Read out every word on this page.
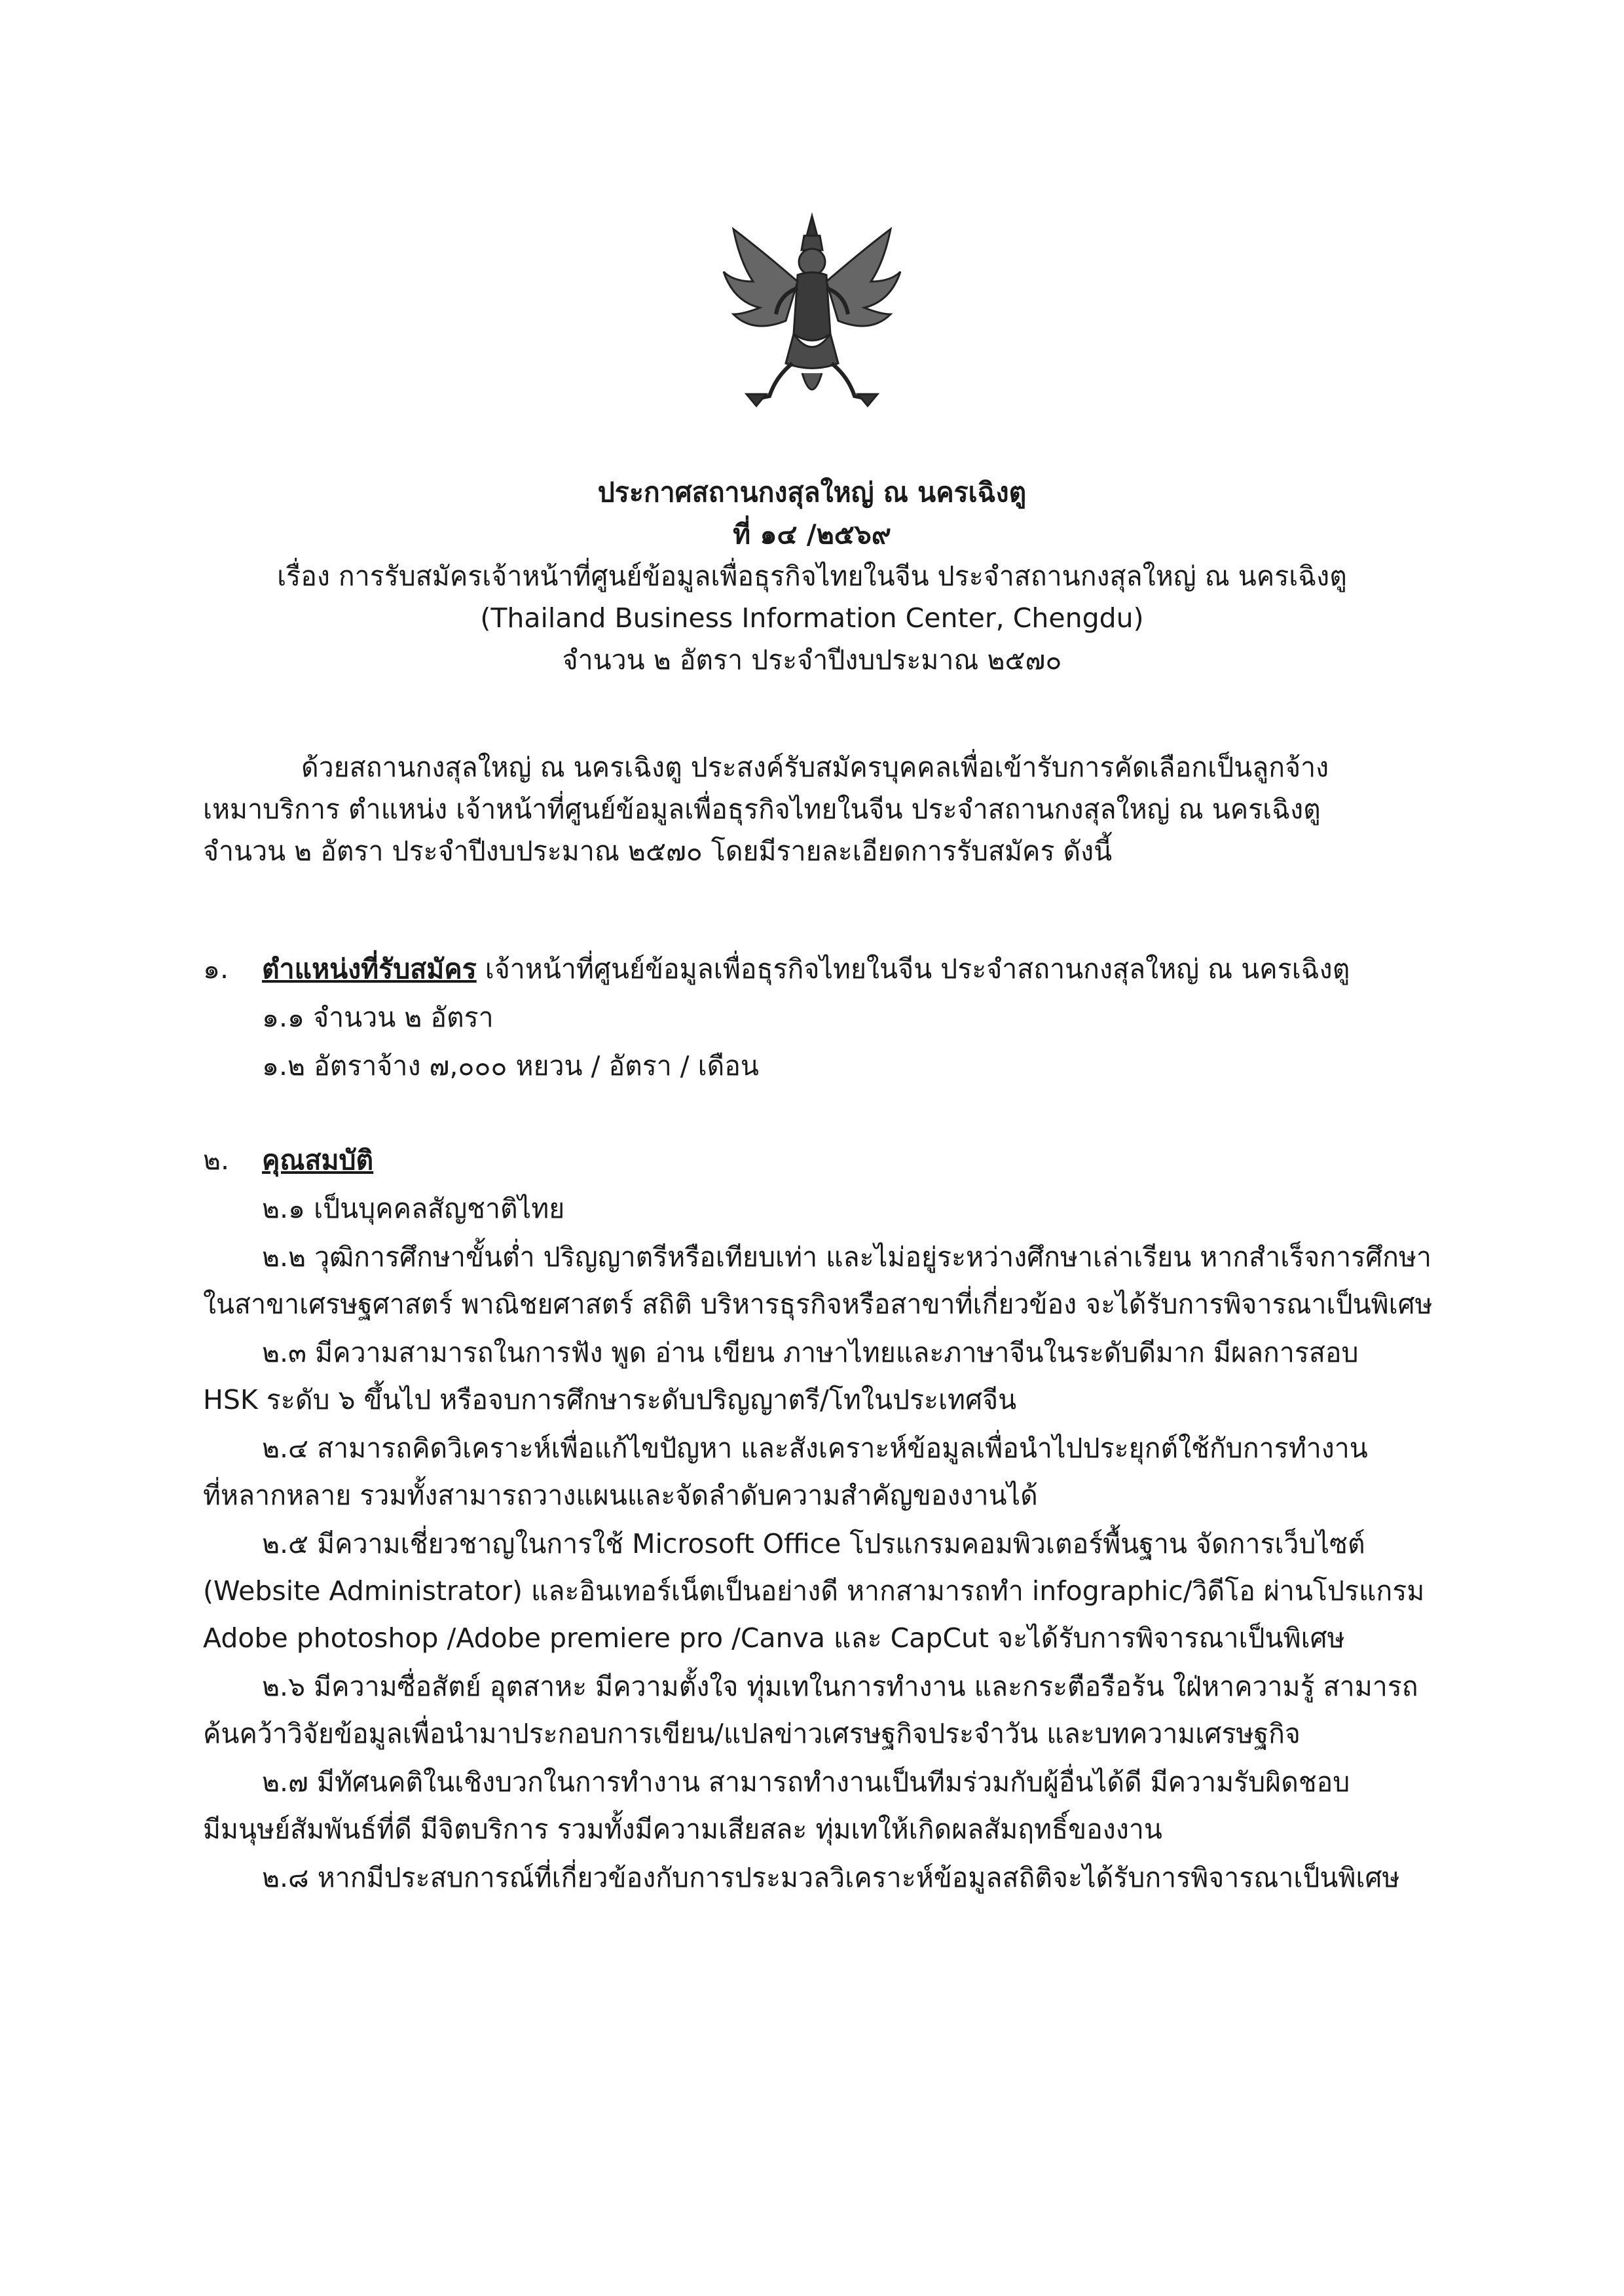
ประกาศสถานกงสุลใหญ่ ณ นครเฉิงตู
ที่ ๑๔ /๒๕๖๙
เรื่อง การรับสมัครเจ้าหน้าที่ศูนย์ข้อมูลเพื่อธุรกิจไทยในจีน ประจำสถานกงสุลใหญ่ ณ นครเฉิงตู
(Thailand Business Information Center, Chengdu)
จำนวน ๒ อัตรา ประจำปีงบประมาณ ๒๕๗๐
ด้วยสถานกงสุลใหญ่ ณ นครเฉิงตู ประสงค์รับสมัครบุคคลเพื่อเข้ารับการคัดเลือกเป็นลูกจ้าง
เหมาบริการ ตำแหน่ง เจ้าหน้าที่ศูนย์ข้อมูลเพื่อธุรกิจไทยในจีน ประจำสถานกงสุลใหญ่ ณ นครเฉิงตู
จำนวน ๒ อัตรา ประจำปีงบประมาณ ๒๕๗๐ โดยมีรายละเอียดการรับสมัคร ดังนี้
๑. ตำแหน่งที่รับสมัคร เจ้าหน้าที่ศูนย์ข้อมูลเพื่อธุรกิจไทยในจีน ประจำสถานกงสุลใหญ่ ณ นครเฉิงตู
๑.๑ จำนวน ๒ อัตรา
๑.๒ อัตราจ้าง ๗,๐๐๐ หยวน / อัตรา / เดือน
๒. คุณสมบัติ
๒.๑ เป็นบุคคลสัญชาติไทย
๒.๒ วุฒิการศึกษาขั้นต่ำ ปริญญาตรีหรือเทียบเท่า และไม่อยู่ระหว่างศึกษาเล่าเรียน หากสำเร็จการศึกษา
ในสาขาเศรษฐศาสตร์ พาณิชยศาสตร์ สถิติ บริหารธุรกิจหรือสาขาที่เกี่ยวข้อง จะได้รับการพิจารณาเป็นพิเศษ
๒.๓ มีความสามารถในการฟัง พูด อ่าน เขียน ภาษาไทยและภาษาจีนในระดับดีมาก มีผลการสอบ
HSK ระดับ ๖ ขึ้นไป หรือจบการศึกษาระดับปริญญาตรี/โทในประเทศจีน
๒.๔ สามารถคิดวิเคราะห์เพื่อแก้ไขปัญหา และสังเคราะห์ข้อมูลเพื่อนำไปประยุกต์ใช้กับการทำงาน
ที่หลากหลาย รวมทั้งสามารถวางแผนและจัดลำดับความสำคัญของงานได้
๒.๕ มีความเชี่ยวชาญในการใช้ Microsoft Office โปรแกรมคอมพิวเตอร์พื้นฐาน จัดการเว็บไซต์
(Website Administrator) และอินเทอร์เน็ตเป็นอย่างดี หากสามารถทำ infographic/วิดีโอ ผ่านโปรแกรม
Adobe photoshop /Adobe premiere pro /Canva และ CapCut จะได้รับการพิจารณาเป็นพิเศษ
๒.๖ มีความซื่อสัตย์ อุตสาหะ มีความตั้งใจ ทุ่มเทในการทำงาน และกระตือรือร้น ใฝ่หาความรู้ สามารถ
ค้นคว้าวิจัยข้อมูลเพื่อนำมาประกอบการเขียน/แปลข่าวเศรษฐกิจประจำวัน และบทความเศรษฐกิจ
๒.๗ มีทัศนคติในเชิงบวกในการทำงาน สามารถทำงานเป็นทีมร่วมกับผู้อื่นได้ดี มีความรับผิดชอบ
มีมนุษย์สัมพันธ์ที่ดี มีจิตบริการ รวมทั้งมีความเสียสละ ทุ่มเทให้เกิดผลสัมฤทธิ์ของงาน
๒.๘ หากมีประสบการณ์ที่เกี่ยวข้องกับการประมวลวิเคราะห์ข้อมูลสถิติจะได้รับการพิจารณาเป็นพิเศษ
